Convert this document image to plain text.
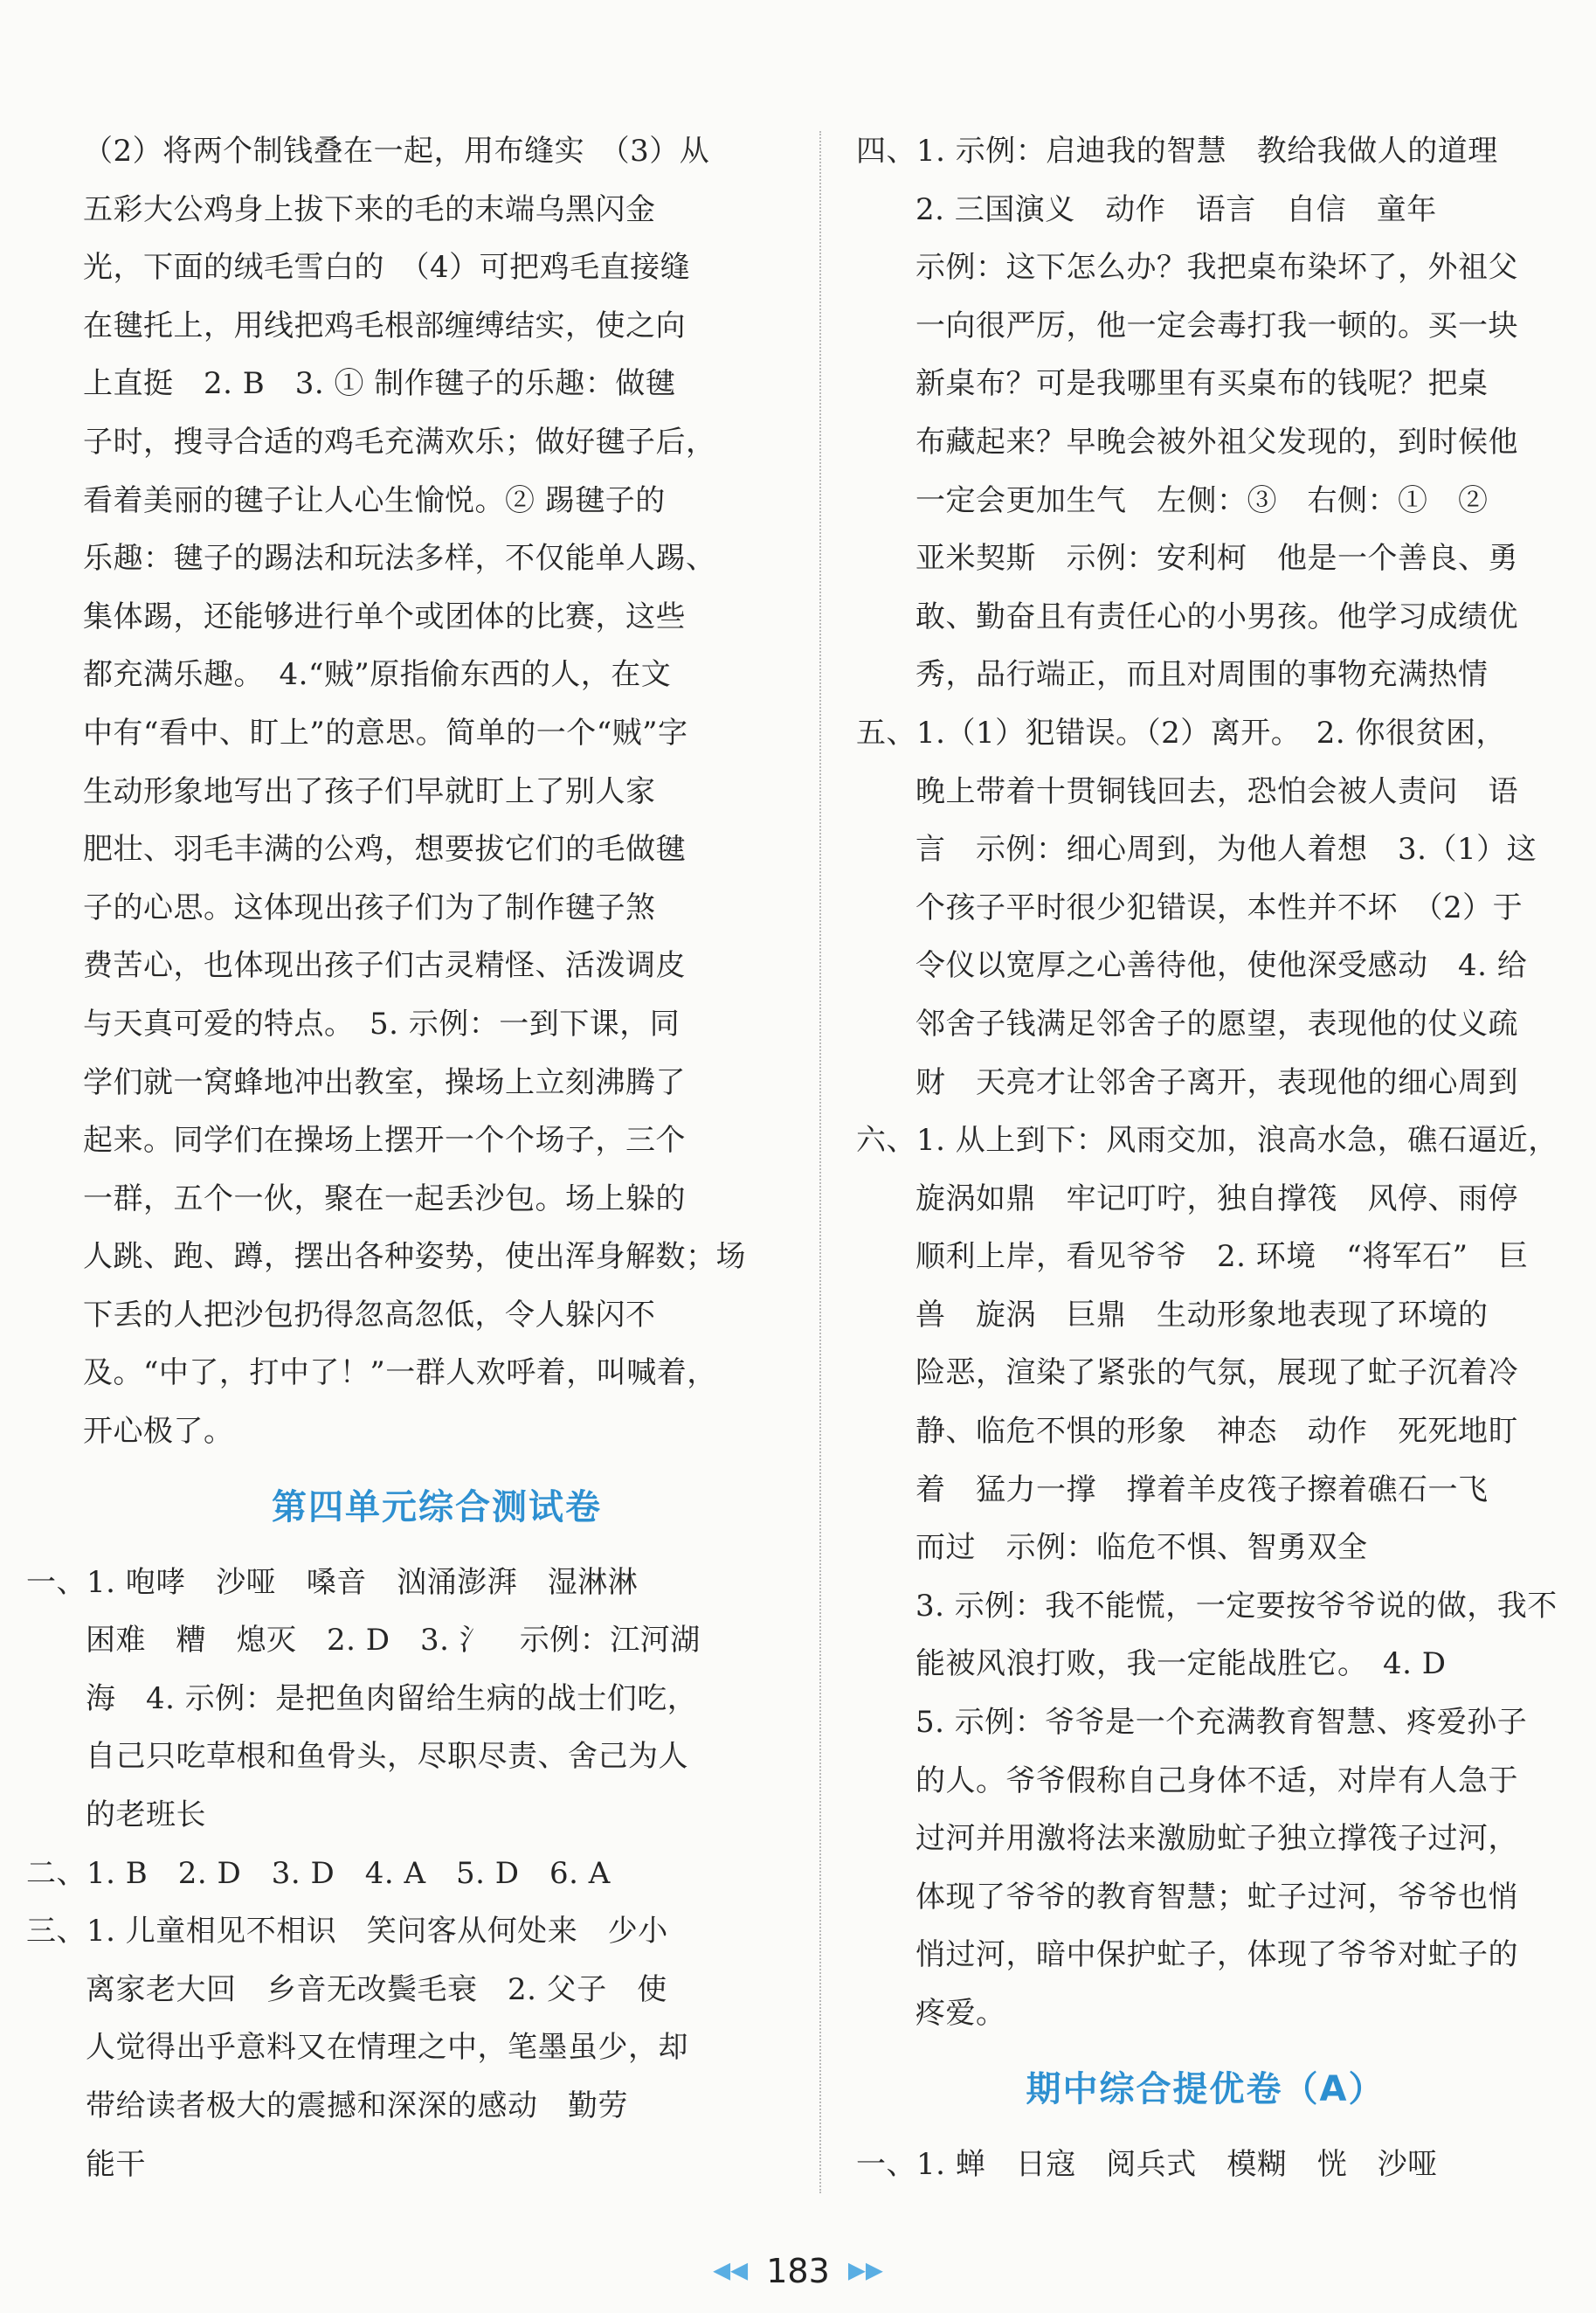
（2）将两个制钱叠在一起，用布缝实　（3）从
五彩大公鸡身上拔下来的毛的末端乌黑闪金
光，下面的绒毛雪白的　（4）可把鸡毛直接缝
在毽托上，用线把鸡毛根部缠缚结实，使之向
上直挺　2. B　3. ① 制作毽子的乐趣：做毽
子时，搜寻合适的鸡毛充满欢乐；做好毽子后，
看着美丽的毽子让人心生愉悦。② 踢毽子的
乐趣：毽子的踢法和玩法多样，不仅能单人踢、
集体踢，还能够进行单个或团体的比赛，这些
都充满乐趣。　4.“贼”原指偷东西的人，在文
中有“看中、盯上”的意思。简单的一个“贼”字
生动形象地写出了孩子们早就盯上了别人家
肥壮、羽毛丰满的公鸡，想要拔它们的毛做毽
子的心思。这体现出孩子们为了制作毽子煞
费苦心，也体现出孩子们古灵精怪、活泼调皮
与天真可爱的特点。　5. 示例：一到下课，同
学们就一窝蜂地冲出教室，操场上立刻沸腾了
起来。同学们在操场上摆开一个个场子，三个
一群，五个一伙，聚在一起丢沙包。场上躲的
人跳、跑、蹲，摆出各种姿势，使出浑身解数；场
下丢的人把沙包扔得忽高忽低，令人躲闪不
及。“中了，打中了！”一群人欢呼着，叫喊着，
开心极了。
第四单元综合测试卷
一、1. 咆哮　沙哑　嗓音　汹涌澎湃　湿淋淋
困难　糟　熄灭　2. D　3. 氵　示例：江河湖
海　4. 示例：是把鱼肉留给生病的战士们吃，
自己只吃草根和鱼骨头，尽职尽责、舍己为人
的老班长
二、1. B　2. D　3. D　4. A　5. D　6. A
三、1. 儿童相见不相识　笑问客从何处来　少小
离家老大回　乡音无改鬓毛衰　2. 父子　使
人觉得出乎意料又在情理之中，笔墨虽少，却
带给读者极大的震撼和深深的感动　勤劳
能干
四、1. 示例：启迪我的智慧　教给我做人的道理
2. 三国演义　动作　语言　自信　童年
示例：这下怎么办？我把桌布染坏了，外祖父
一向很严厉，他一定会毒打我一顿的。买一块
新桌布？可是我哪里有买桌布的钱呢？把桌
布藏起来？早晚会被外祖父发现的，到时候他
一定会更加生气　左侧：③　右侧：①　②
亚米契斯　示例：安利柯　他是一个善良、勇
敢、勤奋且有责任心的小男孩。他学习成绩优
秀，品行端正，而且对周围的事物充满热情
五、1.（1）犯错误。（2）离开。　2. 你很贫困，
晚上带着十贯铜钱回去，恐怕会被人责问　语
言　示例：细心周到，为他人着想　3.（1）这
个孩子平时很少犯错误，本性并不坏　（2）于
令仪以宽厚之心善待他，使他深受感动　4. 给
邻舍子钱满足邻舍子的愿望，表现他的仗义疏
财　天亮才让邻舍子离开，表现他的细心周到
六、1. 从上到下：风雨交加，浪高水急，礁石逼近，
旋涡如鼎　牢记叮咛，独自撑筏　风停、雨停
顺利上岸，看见爷爷　2. 环境　“将军石”　巨
兽　旋涡　巨鼎　生动形象地表现了环境的
险恶，渲染了紧张的气氛，展现了虻子沉着冷
静、临危不惧的形象　神态　动作　死死地盯
着　猛力一撑　撑着羊皮筏子擦着礁石一飞
而过　示例：临危不惧、智勇双全
3. 示例：我不能慌，一定要按爷爷说的做，我不
能被风浪打败，我一定能战胜它。　4. D
5. 示例：爷爷是一个充满教育智慧、疼爱孙子
的人。爷爷假称自己身体不适，对岸有人急于
过河并用激将法来激励虻子独立撑筏子过河，
体现了爷爷的教育智慧；虻子过河，爷爷也悄
悄过河，暗中保护虻子，体现了爷爷对虻子的
疼爱。
期中综合提优卷（A）
一、1. 蝉　日寇　阅兵式　模糊　恍　沙哑
◀◀ 183 ▶▶
